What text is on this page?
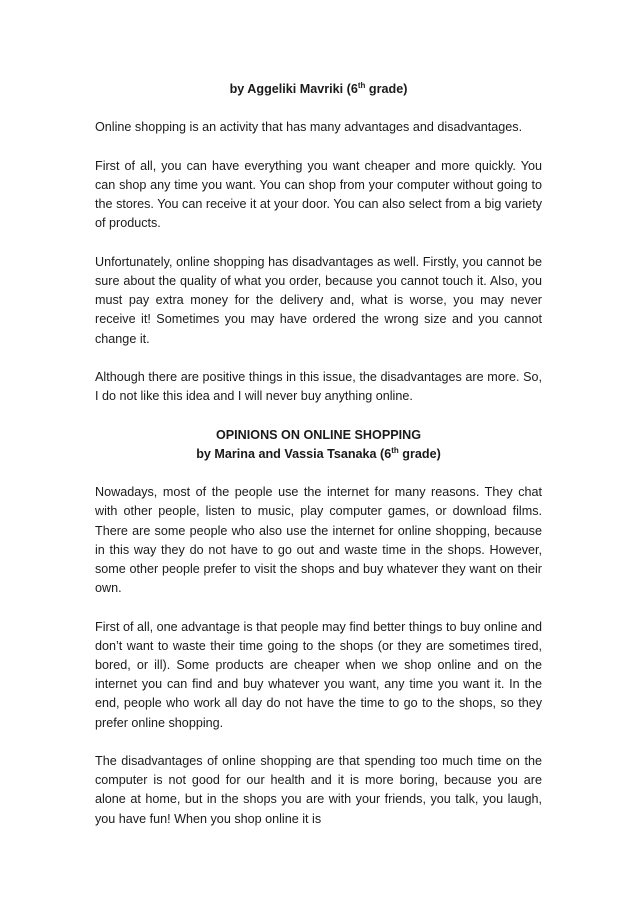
by Aggeliki Mavriki (6th grade)

Online shopping is an activity that has many advantages and disadvantages.

First of all, you can have everything you want cheaper and more quickly. You can shop any time you want. You can shop from your computer without going to the stores. You can receive it at your door. You can also select from a big variety of products.

Unfortunately, online shopping has disadvantages as well. Firstly, you cannot be sure about the quality of what you order, because you cannot touch it. Also, you must pay extra money for the delivery and, what is worse, you may never receive it! Sometimes you may have ordered the wrong size and you cannot change it.

Although there are positive things in this issue, the disadvantages are more. So, I do not like this idea and I will never buy anything online.

OPINIONS ON ONLINE SHOPPING
by Marina and Vassia Tsanaka (6th grade)

Nowadays, most of the people use the internet for many reasons. They chat with other people, listen to music, play computer games, or download films. There are some people who also use the internet for online shopping, because in this way they do not have to go out and waste time in the shops. However, some other people prefer to visit the shops and buy whatever they want on their own.

First of all, one advantage is that people may find better things to buy online and don’t want to waste their time going to the shops (or they are sometimes tired, bored, or ill). Some products are cheaper when we shop online and on the internet you can find and buy whatever you want, any time you want it. In the end, people who work all day do not have the time to go to the shops, so they prefer online shopping.

The disadvantages of online shopping are that spending too much time on the computer is not good for our health and it is more boring, because you are alone at home, but in the shops you are with your friends, you talk, you laugh, you have fun! When you shop online it is
